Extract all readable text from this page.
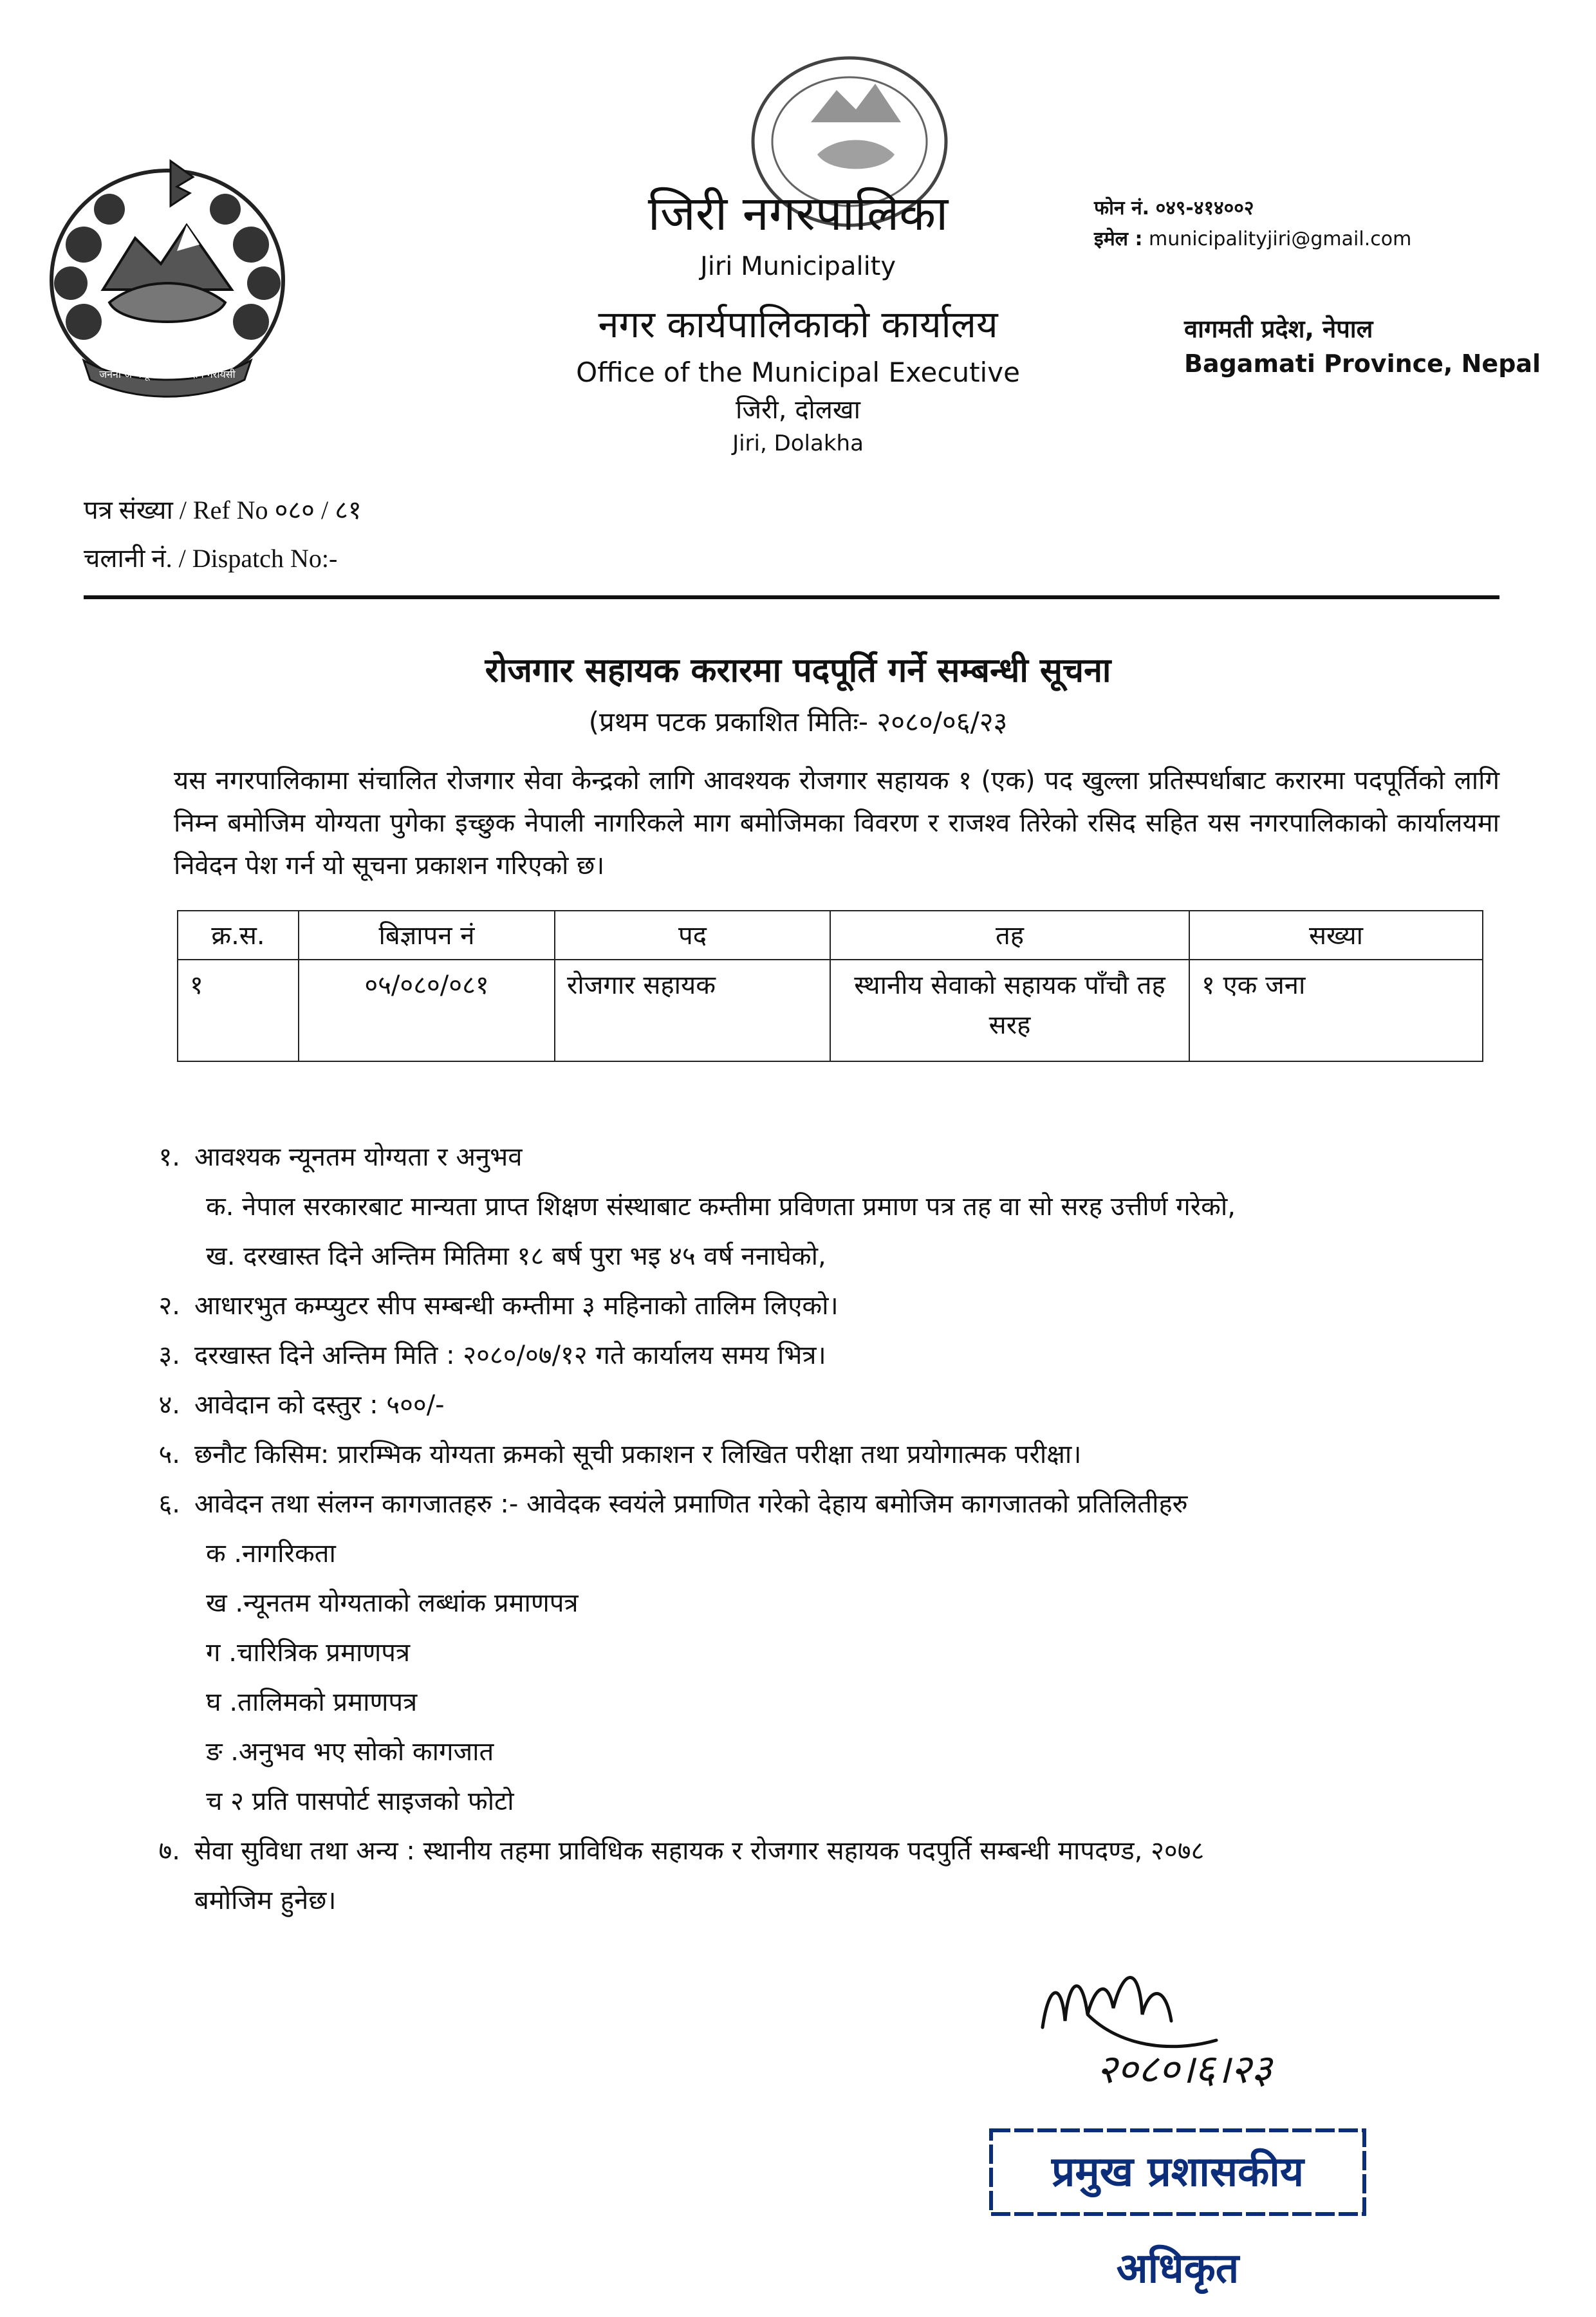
जननी जन्मभूमिश्च स्वर्गादपि गरीयसी
जिरी नगरपालिका
Jiri Municipality
नगर कार्यपालिकाको कार्यालय
Office of the Municipal Executive
जिरी, दोलखा
Jiri, Dolakha
फोन नं. ०४९-४१४००२
इमेल : municipalityjiri@gmail.com
वागमती प्रदेश, नेपाल
Bagamati Province, Nepal
पत्र संख्या / Ref No ०८० / ८१
चलानी नं. / Dispatch No:-
रोजगार सहायक करारमा पदपूर्ति गर्ने सम्बन्धी सूचना
(प्रथम पटक प्रकाशित मितिः- २०८०/०६/२३
यस नगरपालिकामा संचालित रोजगार सेवा केन्द्रको लागि आवश्यक रोजगार सहायक १ (एक) पद खुल्ला प्रतिस्पर्धाबाट करारमा पदपूर्तिको लागि निम्न बमोजिम योग्यता पुगेका इच्छुक नेपाली नागरिकले माग बमोजिमका विवरण र राजश्व तिरेको रसिद सहित यस नगरपालिकाको कार्यालयमा निवेदन पेश गर्न यो सूचना प्रकाशन गरिएको छ।
क्र.स.	बिज्ञापन नं	पद	तह	सख्या
१	०५/०८०/०८१	रोजगार सहायक	स्थानीय सेवाको सहायक पाँचौ तह सरह	१ एक जना
१. आवश्यक न्यूनतम योग्यता र अनुभव
क. नेपाल सरकारबाट मान्यता प्राप्त शिक्षण संस्थाबाट कम्तीमा प्रविणता प्रमाण पत्र तह वा सो सरह उत्तीर्ण गरेको,
ख. दरखास्त दिने अन्तिम मितिमा १८ बर्ष पुरा भइ ४५ वर्ष ननाघेको,
२. आधारभुत कम्प्युटर सीप सम्बन्धी कम्तीमा ३ महिनाको तालिम लिएको।
३. दरखास्त दिने अन्तिम मिति : २०८०/०७/१२ गते कार्यालय समय भित्र।
४. आवेदान को दस्तुर : ५००/-
५. छनौट किसिम: प्रारम्भिक योग्यता क्रमको सूची प्रकाशन र लिखित परीक्षा तथा प्रयोगात्मक परीक्षा।
६. आवेदन तथा संलग्न कागजातहरु :- आवेदक स्वयंले प्रमाणित गरेको देहाय बमोजिम कागजातको प्रतिलितीहरु
क .नागरिकता
ख .न्यूनतम योग्यताको लब्धांक प्रमाणपत्र
ग .चारित्रिक प्रमाणपत्र
घ .तालिमको प्रमाणपत्र
ङ .अनुभव भए सोको कागजात
च २ प्रति पासपोर्ट साइजको फोटो
७. सेवा सुविधा तथा अन्य : स्थानीय तहमा प्राविधिक सहायक र रोजगार सहायक पदपुर्ति सम्बन्धी मापदण्ड, २०७८
बमोजिम हुनेछ।
२०८०।६।२३
प्रमुख प्रशासकीय अधिकृत
